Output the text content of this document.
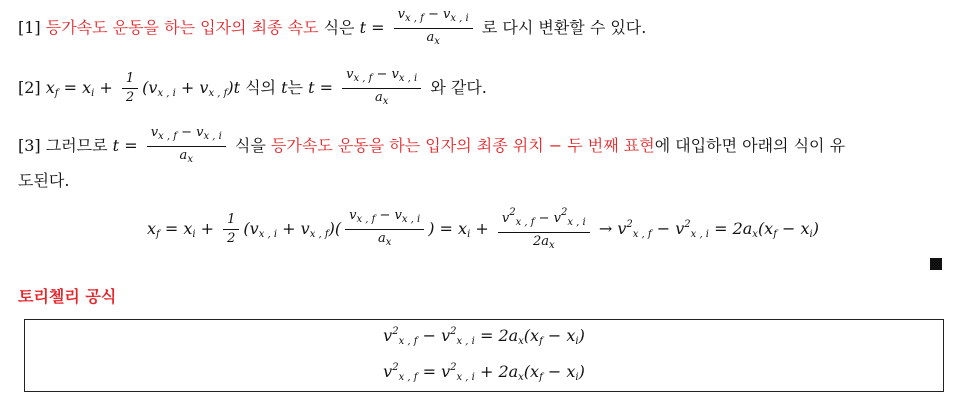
[1] 등가속도 운동을 하는 입자의 최종 속도 식은 $t = \frac{v_{x , f} - v_{x , i}}{a_x}$ 로 다시 변환할 수 있다.
[2] $x_f = x_i + \frac{1}{2} (v_{x , i} + v_{x , f})t$ 식의 t는 $t = \frac{v_{x , f} - v_{x , i}}{a_x}$ 와 같다.
[3] 그러므로 $t = \frac{v_{x , f} - v_{x , i}}{a_x}$ 식을 등가속도 운동을 하는 입자의 최종 위치 − 두 번째 표현에 대입하면 아래의 식이 유
도된다.
$x_f = x_i + \frac{1}{2} (v_{x , i} + v_{x , f})( \frac{v_{x , f} - v_{x , i}}{a_x}$ ) = $x_i + \frac{v^2_{x , f} - v^2_{x , i}}{2a_x} \to v^2_{x , f} - v^2_{x , i} = 2a_x(x_f - x_i)$
토리첼리 공식
$v^2_{x , f} - v^2_{x , i} = 2a_x(x_f - x_i)$
$v^2_{x , f} = v^2_{x , i} + 2a_x(x_f - x_i)$
